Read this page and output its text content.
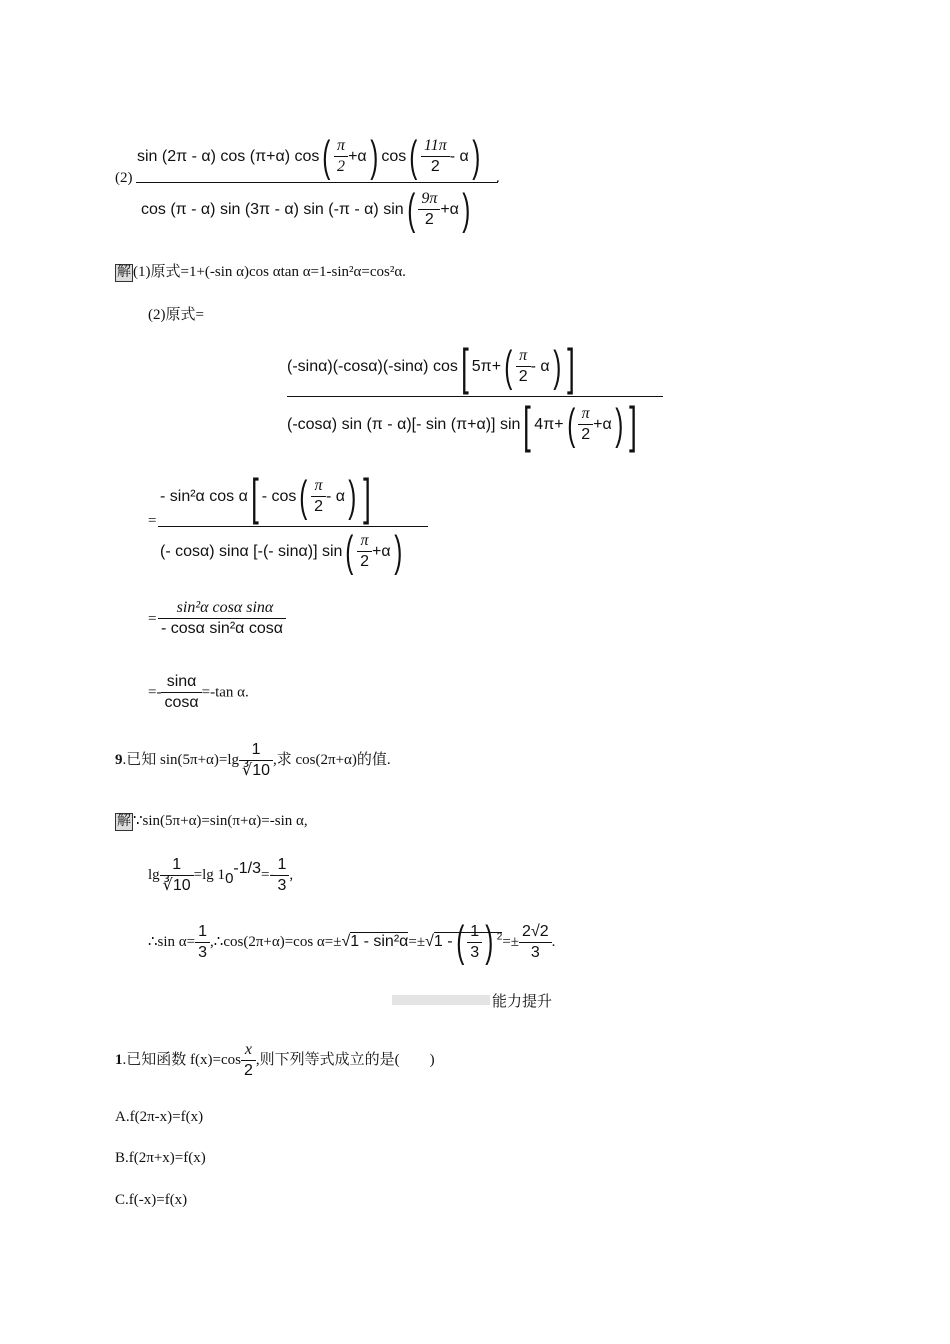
(2)
sin (2π - α) cos (π+α) $\cos( \frac{\pi}{2} +\alpha)$ $\cos( \frac{11\pi}{2} - \alpha)$ .
cos (π - α) sin (3π - α) sin (-π - α) $\sin( \frac{9\pi}{2} +\alpha)$
解 (1)原式=1+(-sin α)cos αtan α=1-sin²α=cos²α.
(2)原式=
(-sinα)(-cosα)(-sinα) cos[ $5\pi+( \frac{\pi}{2} - \alpha)$ ]
(-cosα) sin (π - α)[- sin (π+α)] sin[ $4\pi+( \frac{\pi}{2} +\alpha)$ ]
=
- sin²α $\cos \alpha[ - \cos( \frac{\pi}{2} - \alpha)$ ]
(- cosα) sinα [-(- sinα)] $\sin( \frac{\pi}{2} +\alpha)$
= $\frac{\text{sin²α cosα sinα}}{\text{- cosα sin²α cosα}}$
=- $\frac{\sin\alpha}{\cos\alpha} =-\tan$ α.
9.已知 $\sin(5\pi+\alpha)=\lg \frac{1}{∛10}$ ,求 cos(2π+α)的值.
解 ∵sin(5π+α)=sin(π+α)=-sin α,
$\lg \frac{1}{∛10} =\lg$ $1_0^{-1/3}=- \frac{1}{3}$ ,
∴sin $\alpha= \frac{1}{3}$ ,∴cos(2π+α)=cos α=±√1 - sin²α=±√1 -( $\frac{1}{3}$ ) $^2=\pm \frac{2√2}{3}$ .
能力提升
1.已知函数 $f(x)=\cos \frac{x}{2}$ ,则下列等式成立的是(　　)
A.f(2π-x)=f(x)
B.f(2π+x)=f(x)
C.f(-x)=f(x)
